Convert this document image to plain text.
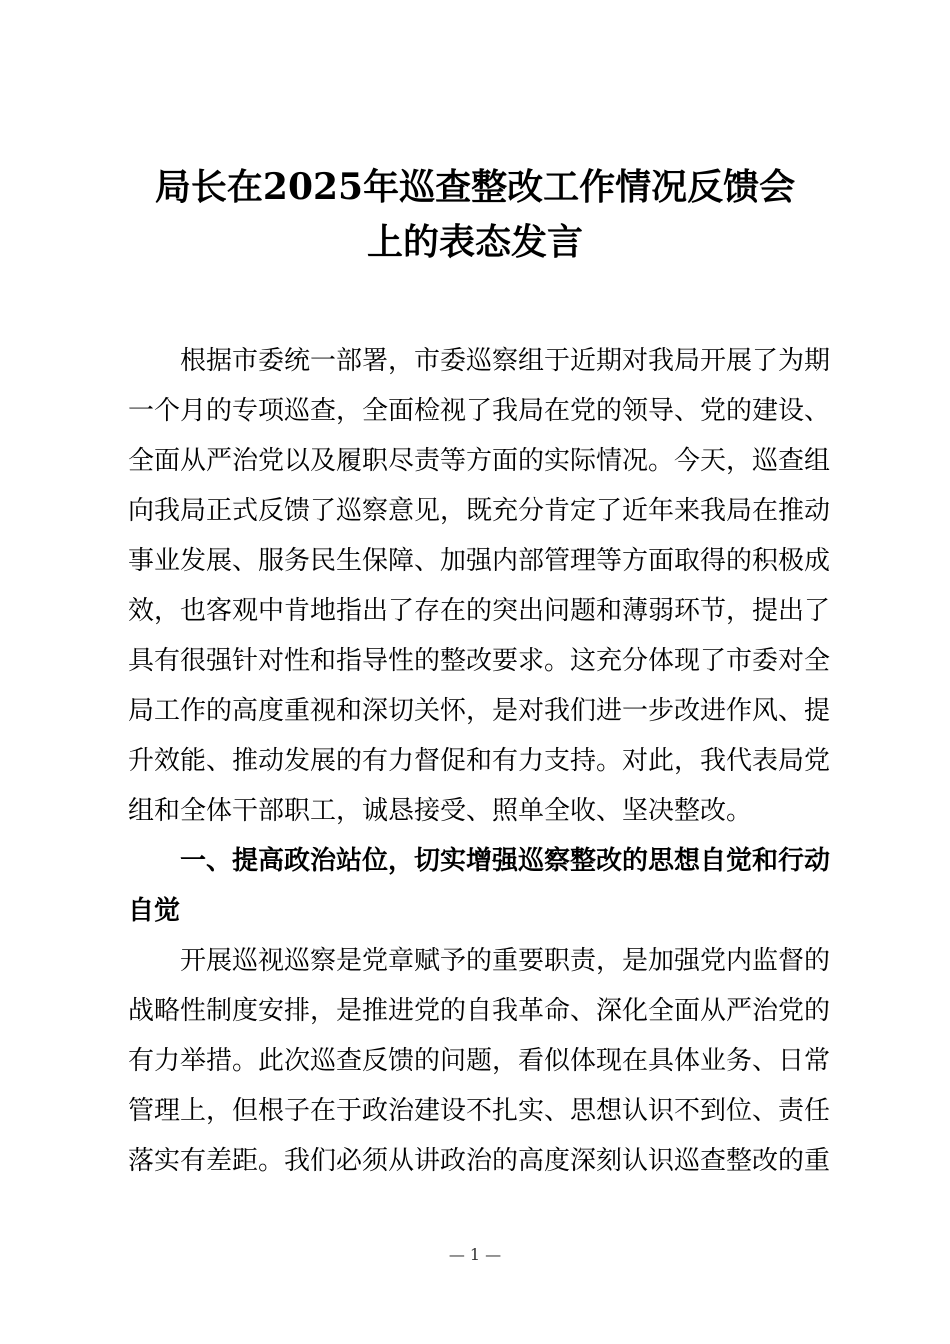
局长在2025年巡查整改工作情况反馈会
上的表态发言
　　根据市委统一部署，市委巡察组于近期对我局开展了为期
一个月的专项巡查，全面检视了我局在党的领导、党的建设、
全面从严治党以及履职尽责等方面的实际情况。今天，巡查组
向我局正式反馈了巡察意见，既充分肯定了近年来我局在推动
事业发展、服务民生保障、加强内部管理等方面取得的积极成
效，也客观中肯地指出了存在的突出问题和薄弱环节，提出了
具有很强针对性和指导性的整改要求。这充分体现了市委对全
局工作的高度重视和深切关怀，是对我们进一步改进作风、提
升效能、推动发展的有力督促和有力支持。对此，我代表局党
组和全体干部职工，诚恳接受、照单全收、坚决整改。
　　一、提高政治站位，切实增强巡察整改的思想自觉和行动
自觉
　　开展巡视巡察是党章赋予的重要职责，是加强党内监督的
战略性制度安排，是推进党的自我革命、深化全面从严治党的
有力举措。此次巡查反馈的问题，看似体现在具体业务、日常
管理上，但根子在于政治建设不扎实、思想认识不到位、责任
落实有差距。我们必须从讲政治的高度深刻认识巡查整改的重
— 1 —
